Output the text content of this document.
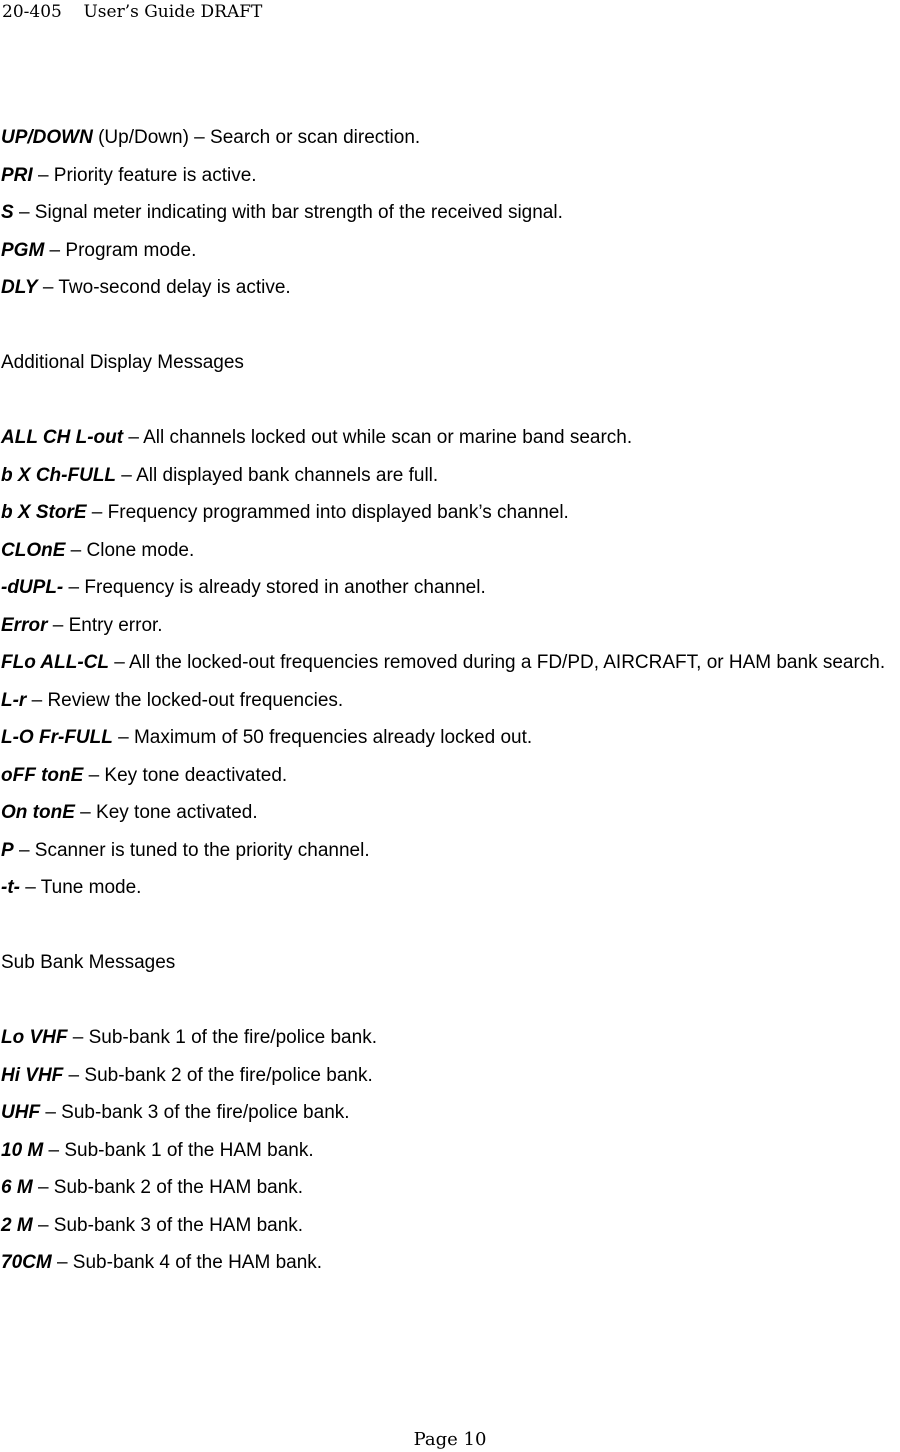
20-405 User’s Guide DRAFT

UP/DOWN (Up/Down) – Search or scan direction.

PRI – Priority feature is active.

S – Signal meter indicating with bar strength of the received signal.

PGM – Program mode.

DLY – Two-second delay is active.

Additional Display Messages

ALL CH L-out – All channels locked out while scan or marine band search.

b X Ch-FULL – All displayed bank channels are full.

b X StorE – Frequency programmed into displayed bank’s channel.

CLOnE – Clone mode.

-dUPL- – Frequency is already stored in another channel.

Error – Entry error.

FLo ALL-CL – All the locked-out frequencies removed during a FD/PD, AIRCRAFT, or HAM bank search.

L-r – Review the locked-out frequencies.

L-O Fr-FULL – Maximum of 50 frequencies already locked out.

oFF tonE – Key tone deactivated.

On tonE – Key tone activated.

P – Scanner is tuned to the priority channel.

-t- – Tune mode.

Sub Bank Messages

Lo VHF – Sub-bank 1 of the fire/police bank.

Hi VHF – Sub-bank 2 of the fire/police bank.

UHF – Sub-bank 3 of the fire/police bank.

10 M – Sub-bank 1 of the HAM bank.

6 M – Sub-bank 2 of the HAM bank.

2 M – Sub-bank 3 of the HAM bank.

70CM – Sub-bank 4 of the HAM bank.

Page 10
